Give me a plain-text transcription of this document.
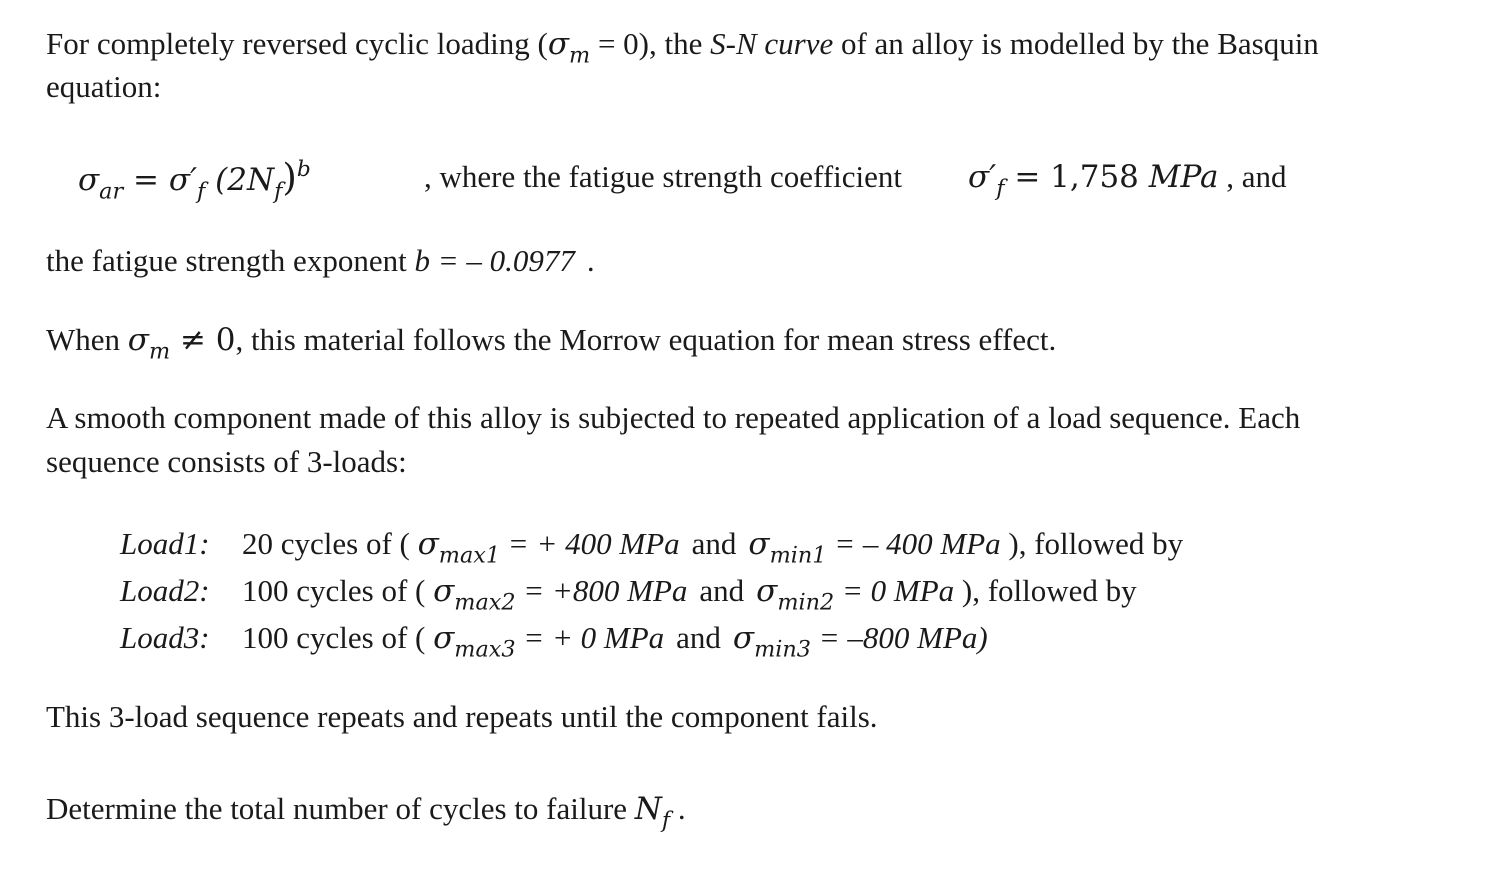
For completely reversed cyclic loading $(\sigma_m = 0)$, the S-N curve of an alloy is modelled by the Basquin
equation:
$\sigma_{ar} = \sigma'_f$ $(2N_f)^b$	, where the fatigue strength coefficient $\sigma'_f = 1,758$ MPa , and
the fatigue strength exponent b = – 0.0977 .
When $\sigma_m \ne 0$, this material follows the Morrow equation for mean stress effect.
A smooth component made of this alloy is subjected to repeated application of a load sequence. Each
sequence consists of 3-loads:
Load1: 20 cycles of ( $\sigma_{max1}$ = + 400 MPa and $\sigma_{min1}$ = – 400 MPa ), followed by
Load2: 100 cycles of ( $\sigma_{max2} = +800$ MPa and $\sigma_{min2} = 0$ MPa ), followed by
Load3: 100 cycles of ( $\sigma_{max3}$ = + 0 MPa and $\sigma_{min3} = -800$ MPa)
This 3-load sequence repeats and repeats until the component fails.
Determine the total number of cycles to failure $N_f$ .
